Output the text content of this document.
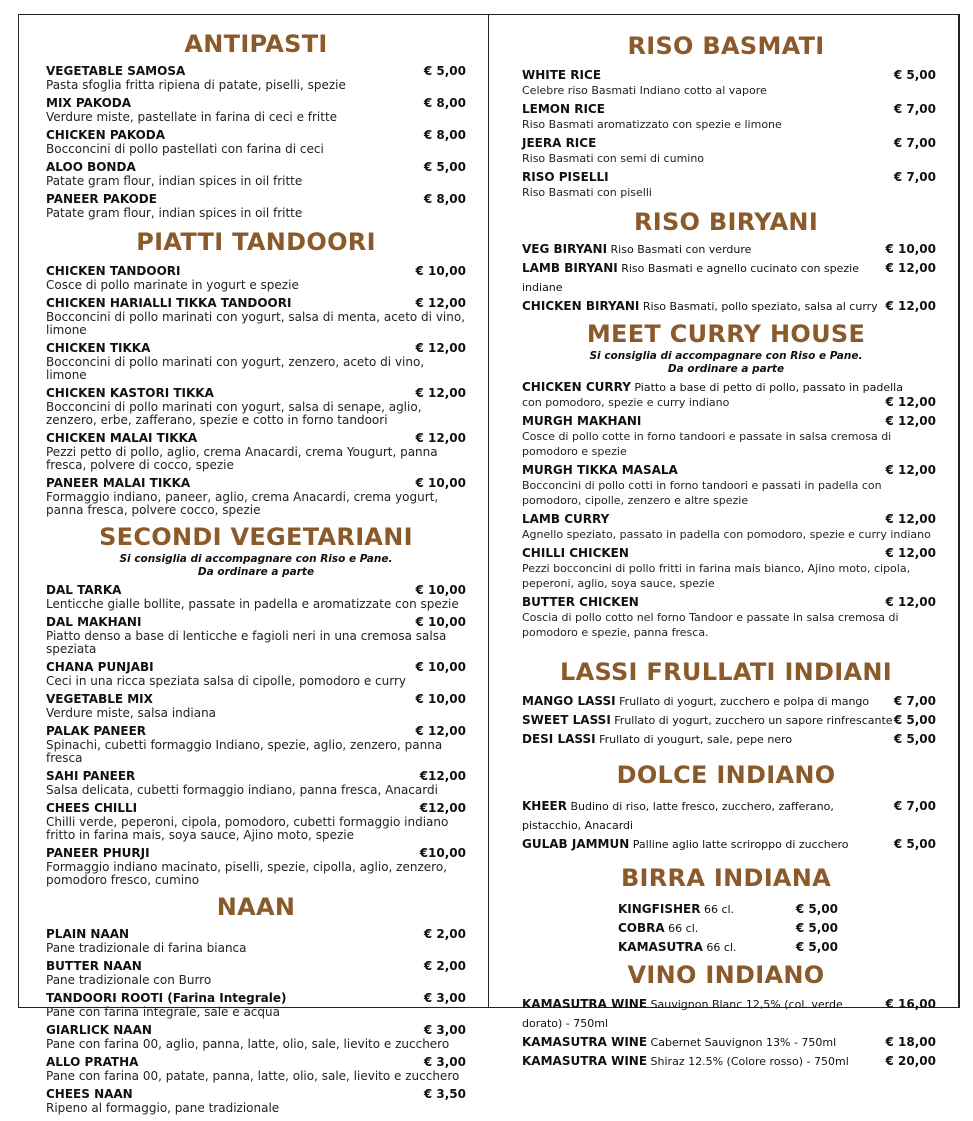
ANTIPASTI
VEGETABLE SAMOSA	€ 5,00
Pasta sfoglia fritta ripiena di patate, piselli, spezie
MIX PAKODA	€ 8,00
Verdure miste, pastellate in farina di ceci e fritte
CHICKEN PAKODA	€ 8,00
Bocconcini di pollo pastellati con farina di ceci
ALOO BONDA	€ 5,00
Patate gram flour, indian spices in oil fritte
PANEER PAKODE	€ 8,00
Patate gram flour, indian spices in oil fritte
PIATTI TANDOORI
CHICKEN TANDOORI	€ 10,00
Cosce di pollo marinate in yogurt e spezie
CHICKEN HARIALLI TIKKA TANDOORI	€ 12,00
Bocconcini di pollo marinati con yogurt, salsa di menta, aceto di vino, limone
CHICKEN TIKKA	€ 12,00
Bocconcini di pollo marinati con yogurt, zenzero, aceto di vino, limone
CHICKEN KASTORI TIKKA	€ 12,00
Bocconcini di pollo marinati con yogurt, salsa di senape, aglio, zenzero, erbe, zafferano, spezie e cotto in forno tandoori
CHICKEN MALAI TIKKA	€ 12,00
Pezzi petto di pollo, aglio, crema Anacardi, crema Yougurt, panna fresca, polvere di cocco, spezie
PANEER MALAI TIKKA	€ 10,00
Formaggio indiano, paneer, aglio, crema Anacardi, crema yogurt, panna fresca, polvere cocco, spezie
SECONDI VEGETARIANI
Si consiglia di accompagnare con Riso e Pane.
Da ordinare a parte
DAL TARKA	€ 10,00
Lenticche gialle bollite, passate in padella e aromatizzate con spezie
DAL MAKHANI	€ 10,00
Piatto denso a base di lenticche e fagioli neri in una cremosa salsa speziata
CHANA PUNJABI	€ 10,00
Ceci in una ricca speziata salsa di cipolle, pomodoro e curry
VEGETABLE MIX	€ 10,00
Verdure miste, salsa indiana
PALAK PANEER	€ 12,00
Spinachi, cubetti formaggio Indiano, spezie, aglio, zenzero, panna fresca
SAHI PANEER	€12,00
Salsa delicata, cubetti formaggio indiano, panna fresca, Anacardi
CHEES CHILLI	€12,00
Chilli verde, peperoni, cipola, pomodoro, cubetti formaggio indiano fritto in farina mais, soya sauce, Ajino moto, spezie
PANEER PHURJI	€10,00
Formaggio indiano macinato, piselli, spezie, cipolla, aglio, zenzero, pomodoro fresco, cumino
NAAN
PLAIN NAAN	€ 2,00
Pane tradizionale di farina bianca
BUTTER NAAN	€ 2,00
Pane tradizionale con Burro
TANDOORI ROOTI (Farina Integrale)	€ 3,00
Pane con farina integrale, sale e acqua
GIARLICK NAAN	€ 3,00
Pane con farina 00, aglio, panna, latte, olio, sale, lievito e zucchero
ALLO PRATHA	€ 3,00
Pane con farina 00, patate, panna, latte, olio, sale, lievito e zucchero
CHEES NAAN	€ 3,50
Ripeno al formaggio, pane tradizionale
RISO BASMATI
WHITE RICE	€ 5,00
Celebre riso Basmati Indiano cotto al vapore
LEMON RICE	€ 7,00
Riso Basmati aromatizzato con spezie e limone
JEERA RICE	€ 7,00
Riso Basmati con semi di cumino
RISO PISELLI	€ 7,00
Riso Basmati con piselli
RISO BIRYANI
VEG BIRYANI Riso Basmati con verdure	€ 10,00
LAMB BIRYANI Riso Basmati e agnello cucinato con spezie indiane
€ 12,00
CHICKEN BIRYANI Riso Basmati, pollo speziato, salsa al curry € 12,00
MEET CURRY HOUSE
Si consiglia di accompagnare con Riso e Pane.
Da ordinare a parte
CHICKEN CURRY Piatto a base di petto di pollo, passato in padella
con pomodoro, spezie e curry indiano	€ 12,00
MURGH MAKHANI	€ 12,00
Cosce di pollo cotte in forno tandoori e passate in salsa cremosa di pomodoro e spezie
MURGH TIKKA MASALA	€ 12,00
Bocconcini di pollo cotti in forno tandoori e passati in padella con pomodoro, cipolle, zenzero e altre spezie
LAMB CURRY	€ 12,00
Agnello speziato, passato in padella con pomodoro, spezie e curry indiano
CHILLI CHICKEN	€ 12,00
Pezzi bocconcini di pollo fritti in farina mais bianco, Ajino moto, cipola, peperoni, aglio, soya sauce, spezie
BUTTER CHICKEN	€ 12,00
Coscia di pollo cotto nel forno Tandoor e passate in salsa cremosa di pomodoro e spezie, panna fresca.
LASSI FRULLATI INDIANI
MANGO LASSI Frullato di yogurt, zucchero e polpa di mango € 7,00
SWEET LASSI Frullato di yogurt, zucchero un sapore rinfrescante € 5,00
DESI LASSI Frullato di yougurt, sale, pepe nero	€ 5,00
DOLCE INDIANO
KHEER Budino di riso, latte fresco, zucchero, zafferano, pistacchio, Anacardi
€ 7,00
GULAB JAMMUN Palline aglio latte scriroppo di zucchero	€ 5,00
BIRRA INDIANA
KINGFISHER 66 cl.	€ 5,00
COBRA 66 cl.	€ 5,00
KAMASUTRA 66 cl.	€ 5,00
VINO INDIANO
KAMASUTRA WINE Sauvignon Blanc 12,5% (col. verde dorato) - 750ml
€ 16,00
KAMASUTRA WINE Cabernet Sauvignon 13% - 750ml	€ 18,00
KAMASUTRA WINE Shiraz 12.5% (Colore rosso) - 750ml	€ 20,00
